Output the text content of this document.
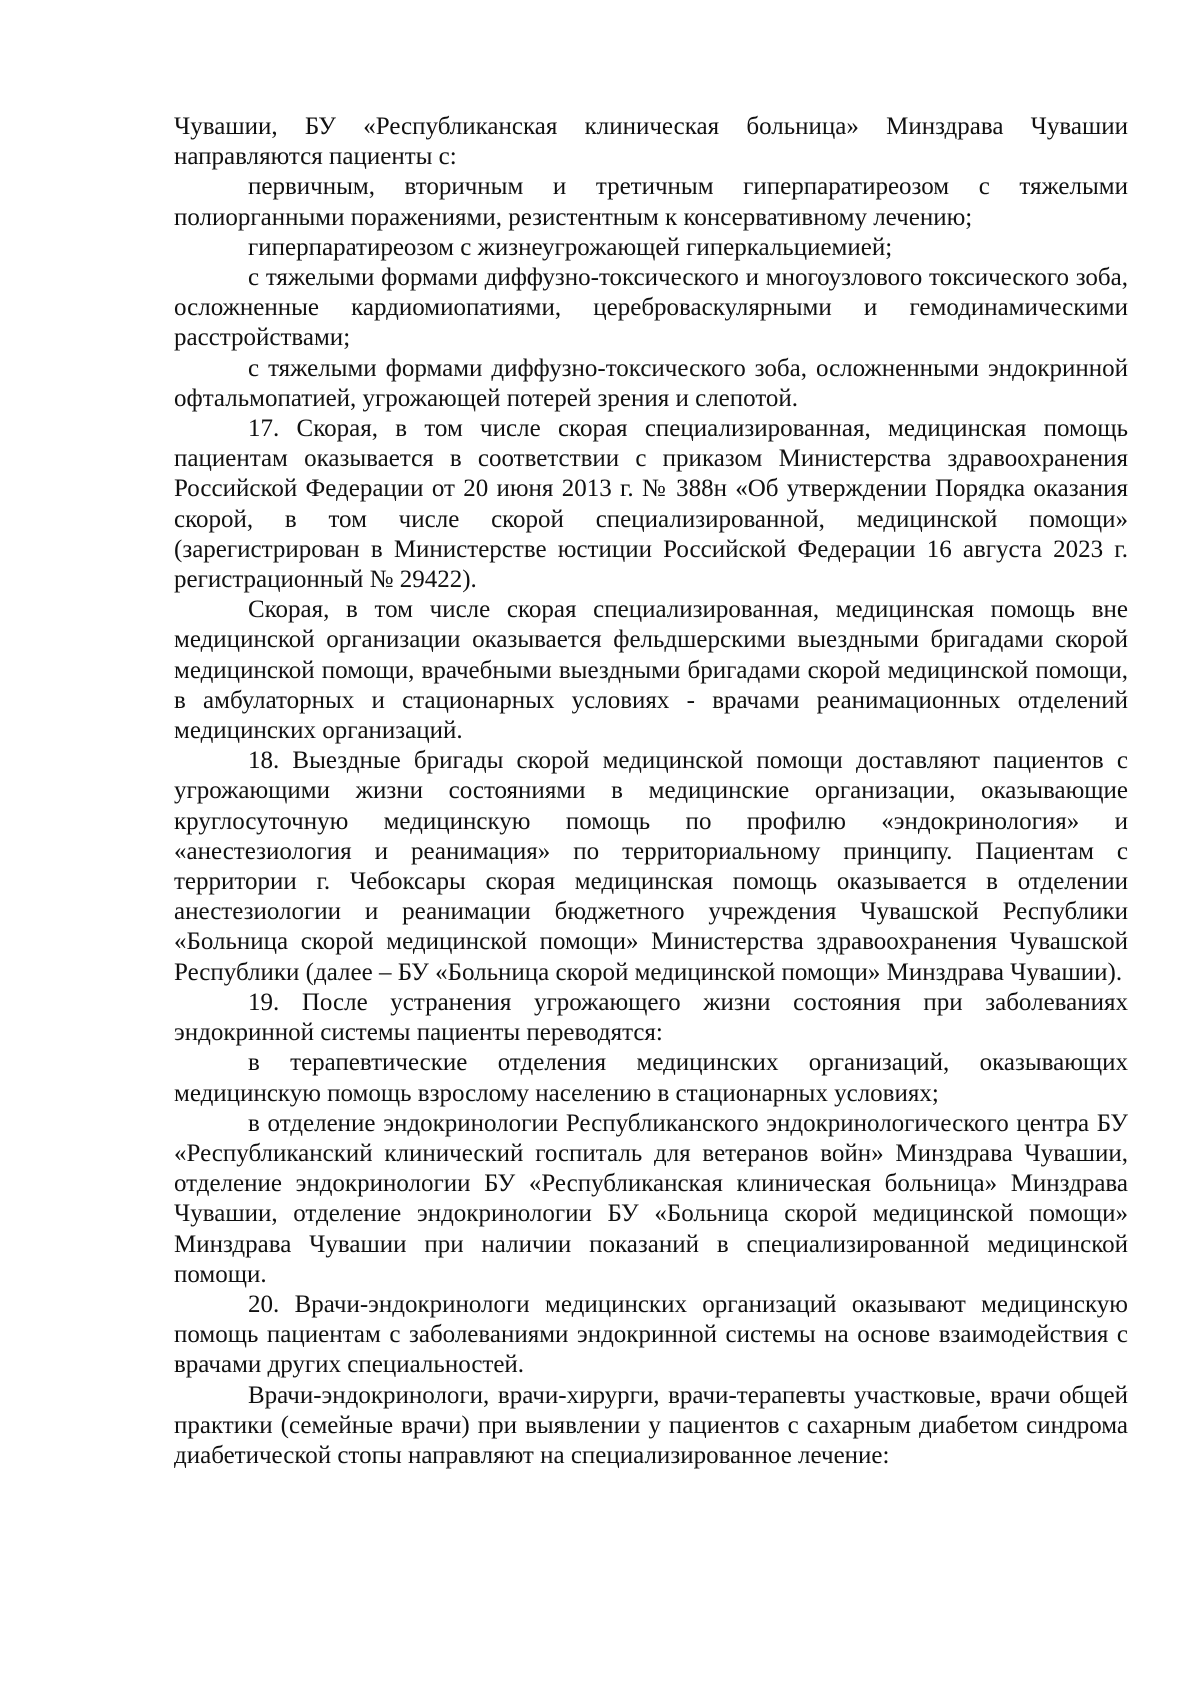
Чувашии, БУ «Республиканская клиническая больница» Минздрава Чувашии направляются пациенты с:

первичным, вторичным и третичным гиперпаратиреозом с тяжелыми полиорганными поражениями, резистентным к консервативному лечению;

гиперпаратиреозом с жизнеугрожающей гиперкальциемией;

с тяжелыми формами диффузно-токсического и многоузлового токсического зоба, осложненные кардиомиопатиями, цереброваскулярными и гемодинамическими расстройствами;

с тяжелыми формами диффузно-токсического зоба, осложненными эндокринной офтальмопатией, угрожающей потерей зрения и слепотой.

17. Скорая, в том числе скорая специализированная, медицинская помощь пациентам оказывается в соответствии с приказом Министерства здравоохранения Российской Федерации от 20 июня 2013 г. № 388н «Об утверждении Порядка оказания скорой, в том числе скорой специализированной, медицинской помощи» (зарегистрирован в Министерстве юстиции Российской Федерации 16 августа 2023 г. регистрационный № 29422).

Скорая, в том числе скорая специализированная, медицинская помощь вне медицинской организации оказывается фельдшерскими выездными бригадами скорой медицинской помощи, врачебными выездными бригадами скорой медицинской помощи, в амбулаторных и стационарных условиях - врачами реанимационных отделений медицинских организаций.

18. Выездные бригады скорой медицинской помощи доставляют пациентов с угрожающими жизни состояниями в медицинские организации, оказывающие круглосуточную медицинскую помощь по профилю «эндокринология» и «анестезиология и реанимация» по территориальному принципу. Пациентам с территории г. Чебоксары скорая медицинская помощь оказывается в отделении анестезиологии и реанимации бюджетного учреждения Чувашской Республики «Больница скорой медицинской помощи» Министерства здравоохранения Чувашской Республики (далее – БУ «Больница скорой медицинской помощи» Минздрава Чувашии).

19. После устранения угрожающего жизни состояния при заболеваниях эндокринной системы пациенты переводятся:

в терапевтические отделения медицинских организаций, оказывающих медицинскую помощь взрослому населению в стационарных условиях;

в отделение эндокринологии Республиканского эндокринологического центра БУ «Республиканский клинический госпиталь для ветеранов войн» Минздрава Чувашии, отделение эндокринологии БУ «Республиканская клиническая больница» Минздрава Чувашии, отделение эндокринологии БУ «Больница скорой медицинской помощи» Минздрава Чувашии при наличии показаний в специализированной медицинской помощи.

20. Врачи-эндокринологи медицинских организаций оказывают медицинскую помощь пациентам с заболеваниями эндокринной системы на основе взаимодействия с врачами других специальностей.

Врачи-эндокринологи, врачи-хирурги, врачи-терапевты участковые, врачи общей практики (семейные врачи) при выявлении у пациентов с сахарным диабетом синдрома диабетической стопы направляют на специализированное лечение:
